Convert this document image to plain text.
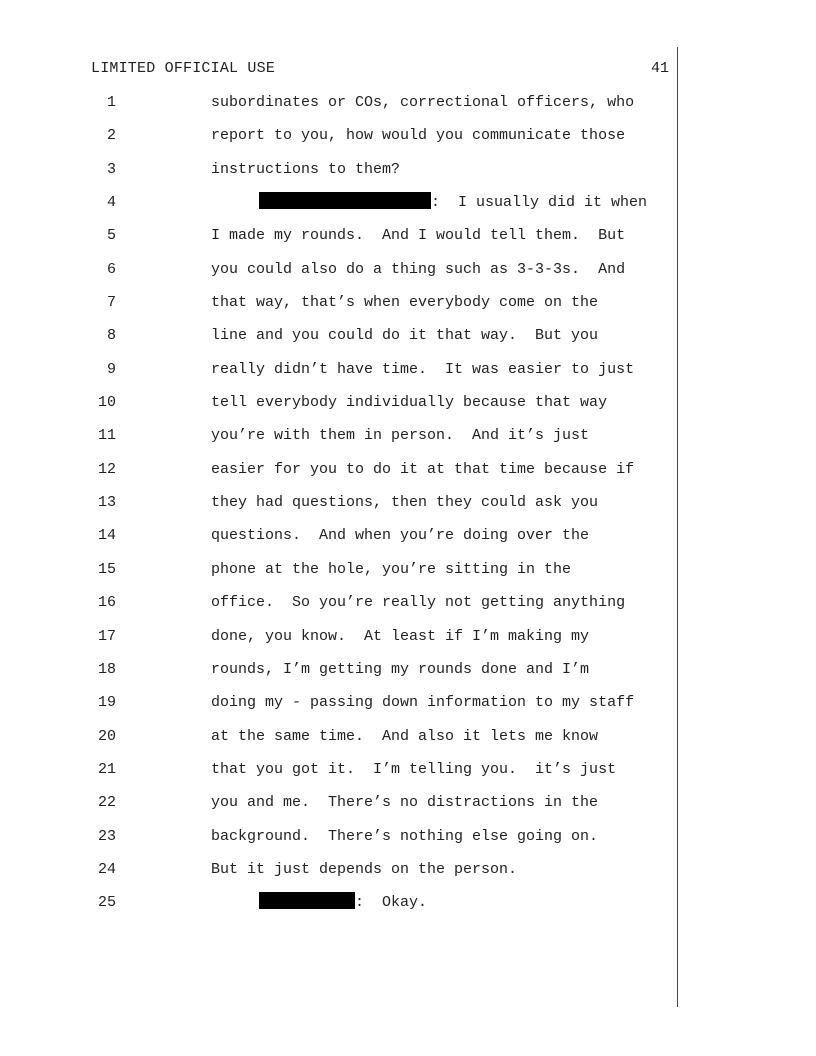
LIMITED OFFICIAL USE	41
1	subordinates or COs, correctional officers, who
2	report to you, how would you communicate those
3	instructions to them?
4	:  I usually did it when
5	I made my rounds.  And I would tell them.  But
6	you could also do a thing such as 3-3-3s.  And
7	that way, that’s when everybody come on the
8	line and you could do it that way.  But you
9	really didn’t have time.  It was easier to just
10	tell everybody individually because that way
11	you’re with them in person.  And it’s just
12	easier for you to do it at that time because if
13	they had questions, then they could ask you
14	questions.  And when you’re doing over the
15	phone at the hole, you’re sitting in the
16	office.  So you’re really not getting anything
17	done, you know.  At least if I’m making my
18	rounds, I’m getting my rounds done and I’m
19	doing my - passing down information to my staff
20	at the same time.  And also it lets me know
21	that you got it.  I’m telling you.  it’s just
22	you and me.  There’s no distractions in the
23	background.  There’s nothing else going on.
24	But it just depends on the person.
25	:  Okay.
